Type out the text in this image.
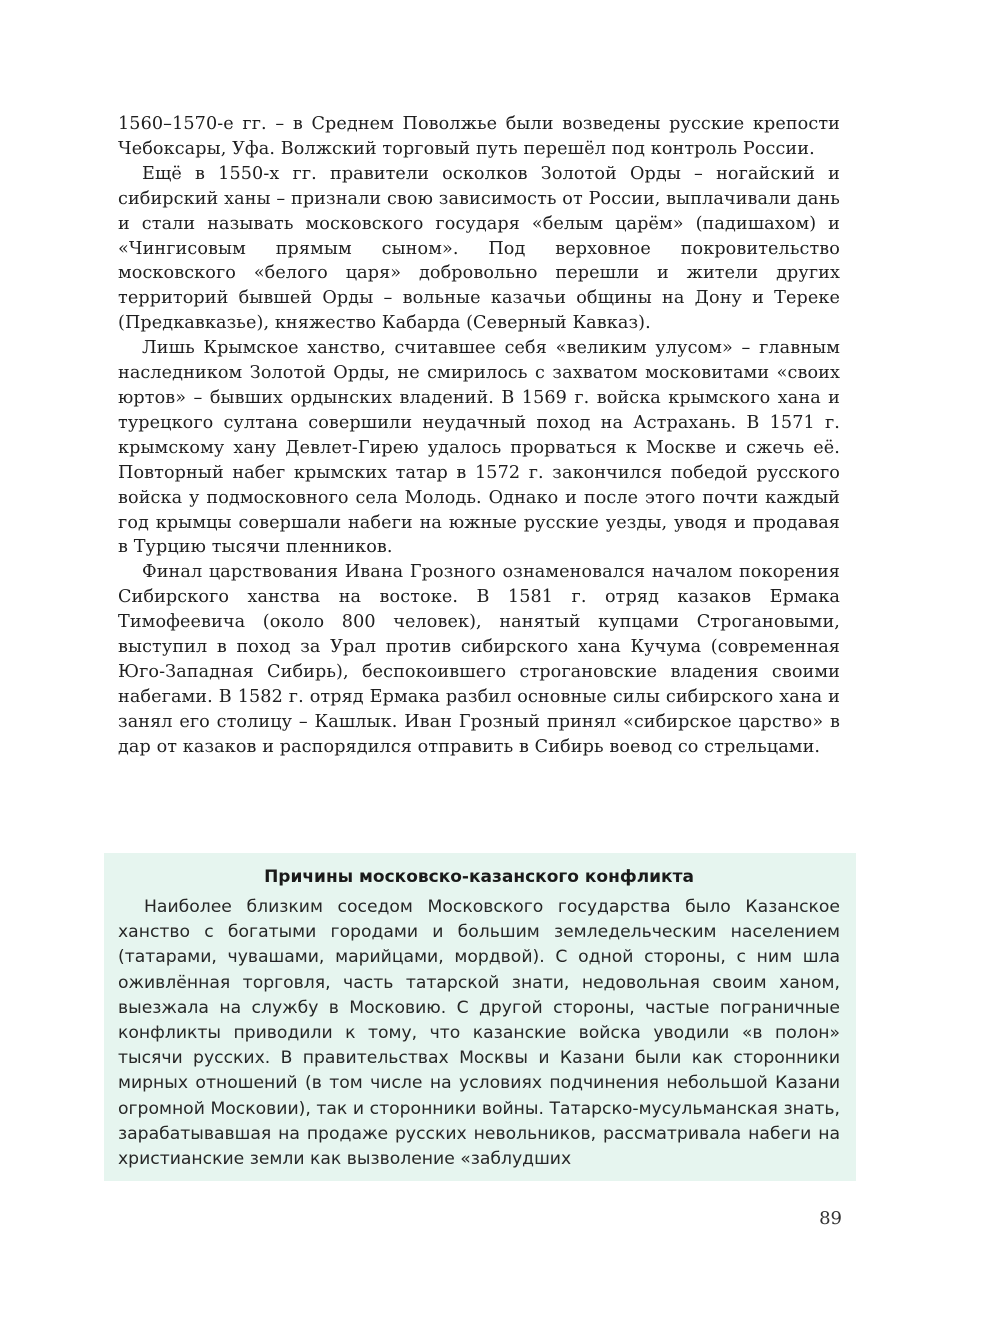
1560–1570-е гг. – в Среднем Поволжье были возведены русские крепости Чебоксары, Уфа. Волжский торговый путь перешёл под контроль России.

Ещё в 1550-х гг. правители осколков Золотой Орды – ногайский и сибирский ханы – признали свою зависимость от России, выплачивали дань и стали называть московского государя «белым царём» (падишахом) и «Чингисовым прямым сыном». Под верховное покровительство московского «белого царя» добровольно перешли и жители других территорий бывшей Орды – вольные казачьи общины на Дону и Тереке (Предкавказье), княжество Кабарда (Северный Кавказ).

Лишь Крымское ханство, считавшее себя «великим улусом» – главным наследником Золотой Орды, не смирилось с захватом московитами «своих юртов» – бывших ордынских владений. В 1569 г. войска крымского хана и турецкого султана совершили неудачный поход на Астрахань. В 1571 г. крымскому хану Девлет-Гирею удалось прорваться к Москве и сжечь её. Повторный набег крымских татар в 1572 г. закончился победой русского войска у подмосковного села Молодь. Однако и после этого почти каждый год крымцы совершали набеги на южные русские уезды, уводя и продавая в Турцию тысячи пленников.

Финал царствования Ивана Грозного ознаменовался началом покорения Сибирского ханства на востоке. В 1581 г. отряд казаков Ермака Тимофеевича (около 800 человек), нанятый купцами Строгановыми, выступил в поход за Урал против сибирского хана Кучума (современная Юго-Западная Сибирь), беспокоившего строгановские владения своими набегами. В 1582 г. отряд Ермака разбил основные силы сибирского хана и занял его столицу – Кашлык. Иван Грозный принял «сибирское царство» в дар от казаков и распорядился отправить в Сибирь воевод со стрельцами.

Причины московско-казанского конфликта

Наиболее близким соседом Московского государства было Казанское ханство с богатыми городами и большим земледельческим населением (татарами, чувашами, марийцами, мордвой). С одной стороны, с ним шла оживлённая торговля, часть татарской знати, недовольная своим ханом, выезжала на службу в Московию. С другой стороны, частые пограничные конфликты приводили к тому, что казанские войска уводили «в полон» тысячи русских. В правительствах Москвы и Казани были как сторонники мирных отношений (в том числе на условиях подчинения небольшой Казани огромной Московии), так и сторонники войны. Татарско-мусульманская знать, зарабатывавшая на продаже русских невольников, рассматривала набеги на христианские земли как вызволение «заблудших

89
